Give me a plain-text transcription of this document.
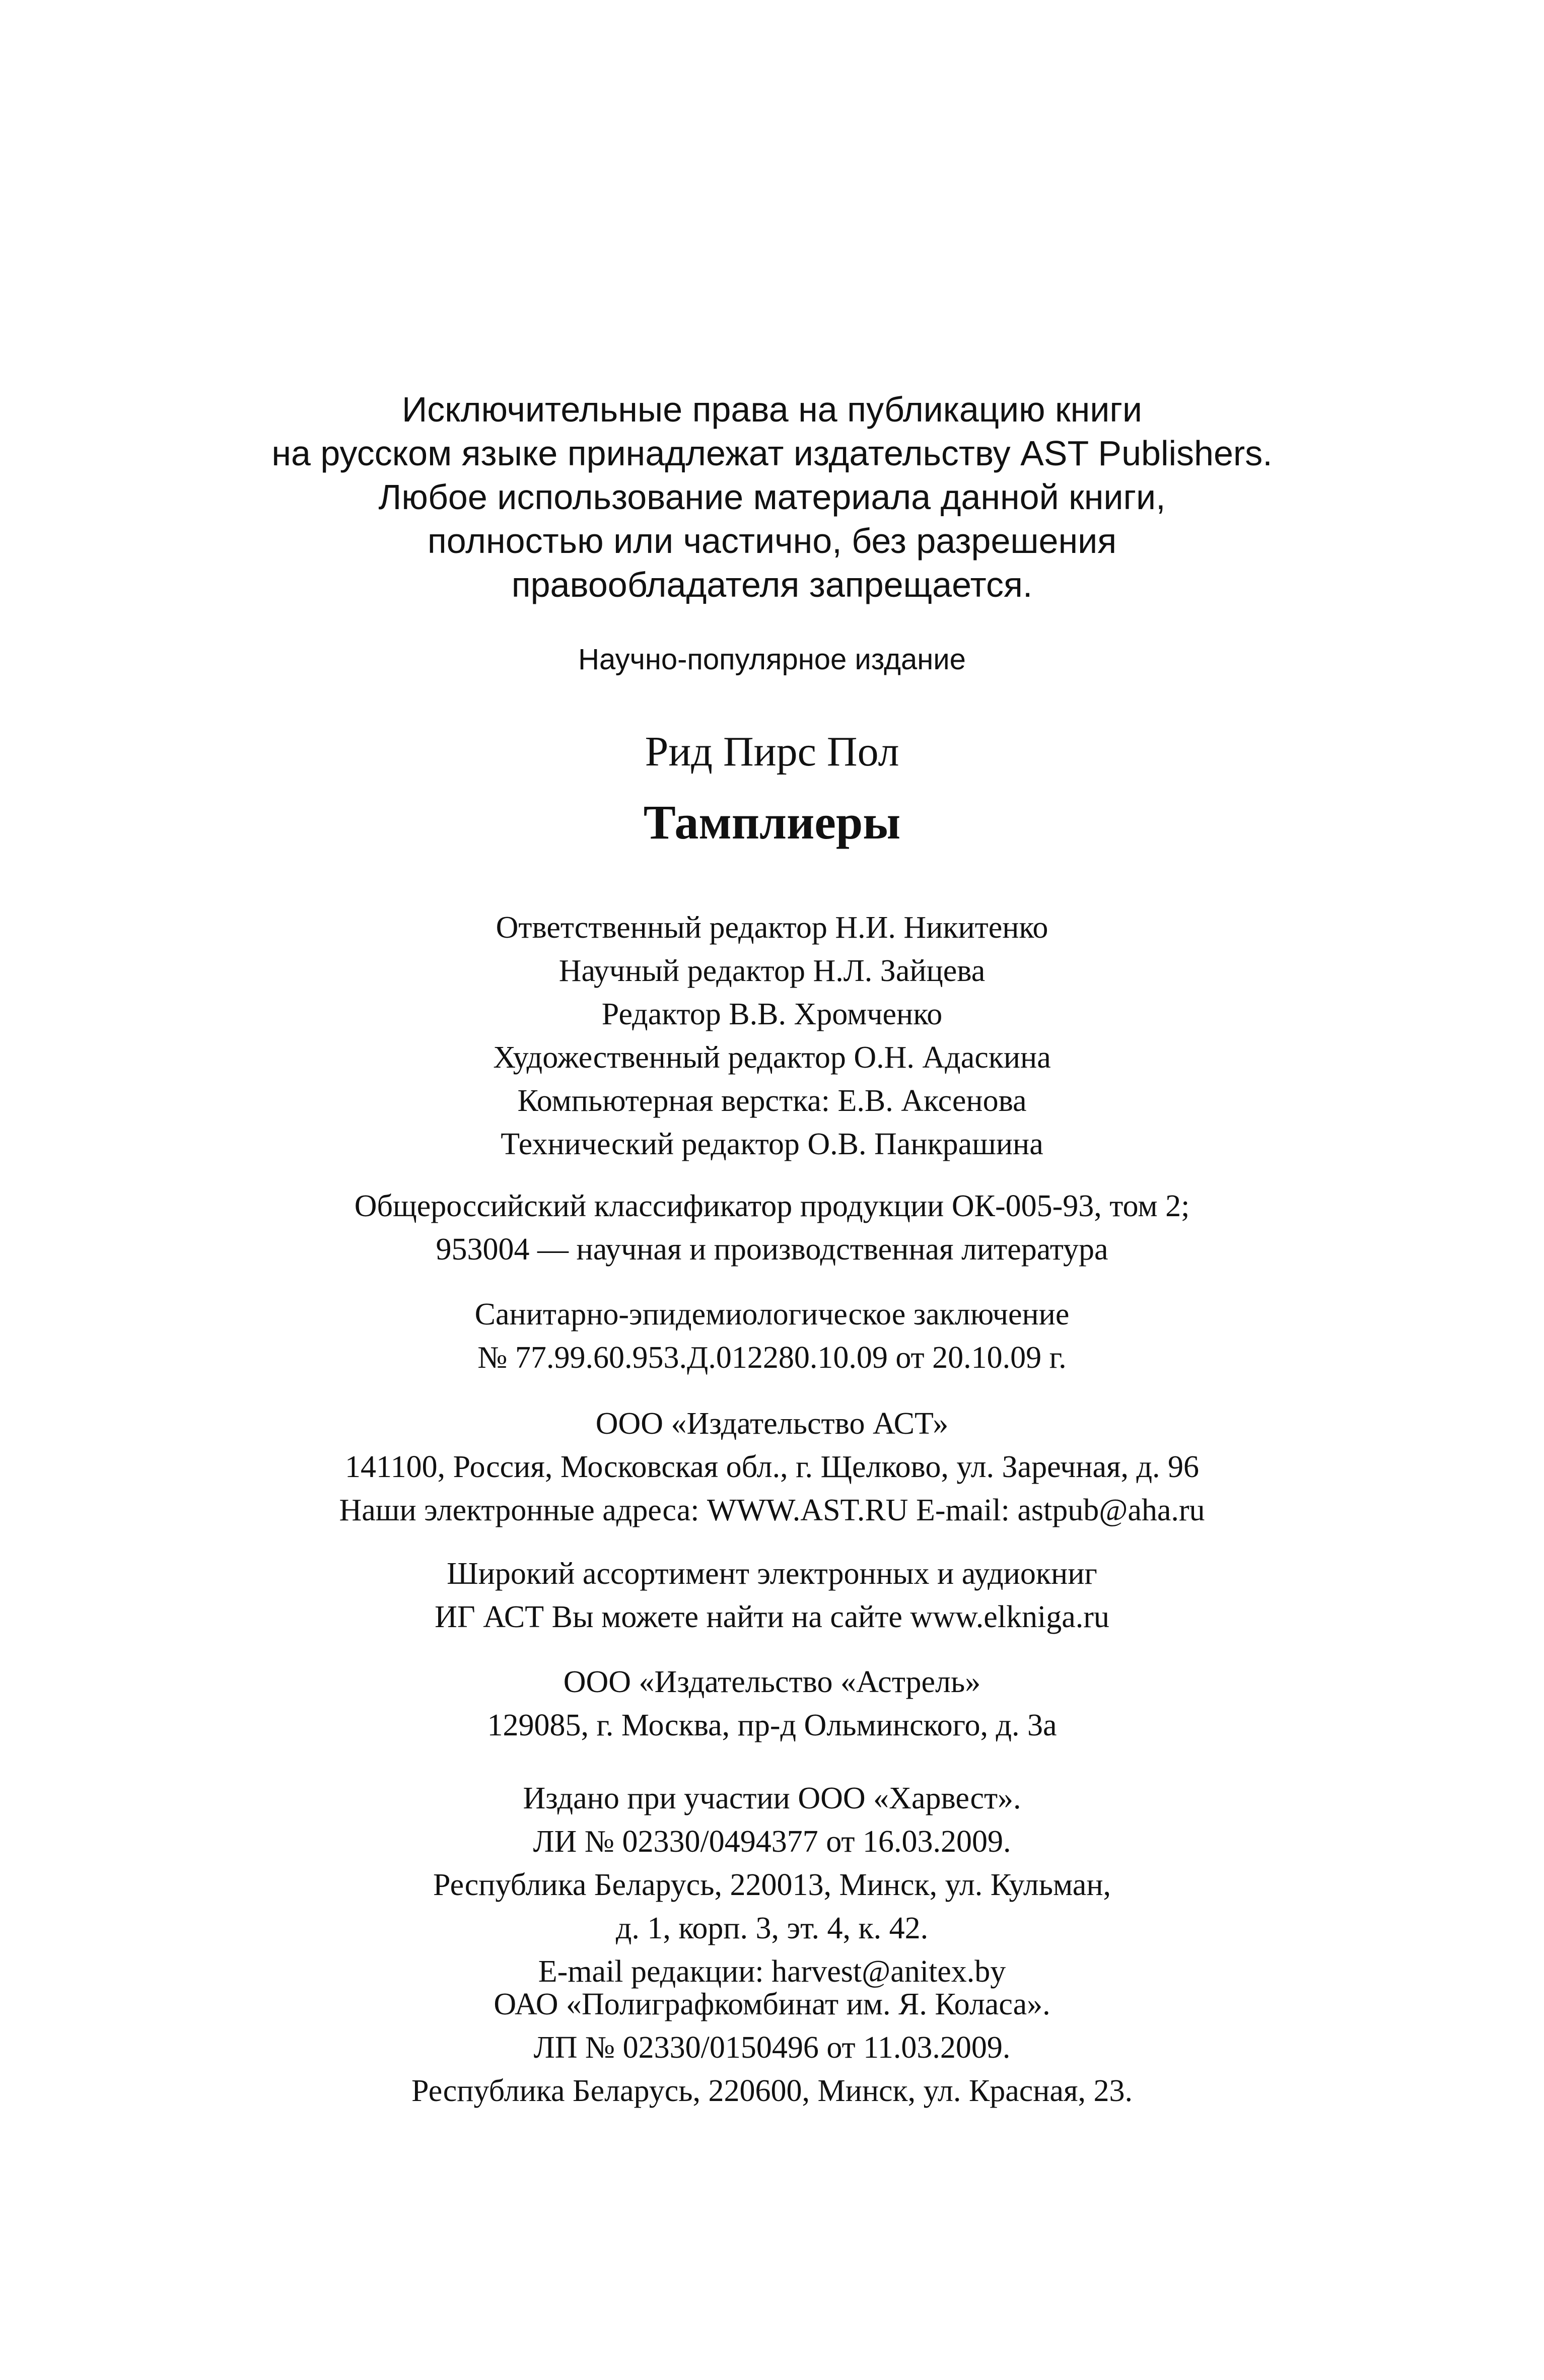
Исключительные права на публикацию книги
на русском языке принадлежат издательству AST Publishers.
Любое использование материала данной книги,
полностью или частично, без разрешения
правообладателя запрещается.
Научно-популярное издание
Рид Пирс Пол
Тамплиеры
Ответственный редактор Н.И. Никитенко
Научный редактор Н.Л. Зайцева
Редактор В.В. Хромченко
Художественный редактор О.Н. Адаскина
Компьютерная верстка: Е.В. Аксенова
Технический редактор О.В. Панкрашина
Общероссийский классификатор продукции ОК-005-93, том 2;
953004 — научная и производственная литература
Санитарно-эпидемиологическое заключение
№ 77.99.60.953.Д.012280.10.09 от 20.10.09 г.
ООО «Издательство АСТ»
141100, Россия, Московская обл., г. Щелково, ул. Заречная, д. 96
Наши электронные адреса: WWW.AST.RU E-mail: astpub@aha.ru
Широкий ассортимент электронных и аудиокниг
ИГ АСТ Вы можете найти на сайте www.elkniga.ru
ООО «Издательство «Астрель»
129085, г. Москва, пр-д Ольминского, д. 3а
Издано при участии ООО «Харвест».
ЛИ № 02330/0494377 от 16.03.2009.
Республика Беларусь, 220013, Минск, ул. Кульман,
д. 1, корп. 3, эт. 4, к. 42.
E-mail редакции: harvest@anitex.by
ОАО «Полиграфкомбинат им. Я. Коласа».
ЛП № 02330/0150496 от 11.03.2009.
Республика Беларусь, 220600, Минск, ул. Красная, 23.
